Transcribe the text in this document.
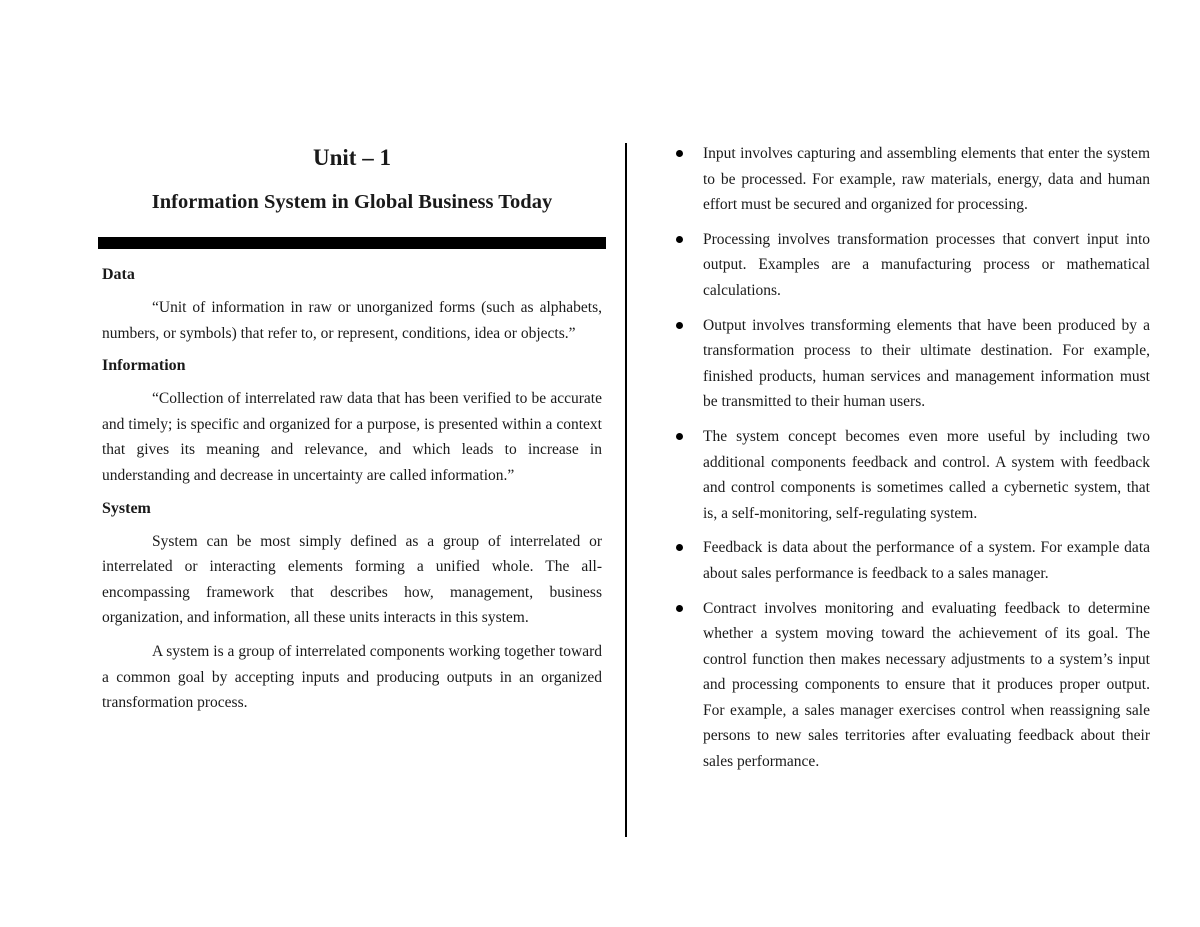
Unit – 1
Information System in Global Business Today
Data

“Unit of information in raw or unorganized forms (such as alphabets, numbers, or symbols) that refer to, or represent, conditions, idea or objects.”

Information

“Collection of interrelated raw data that has been verified to be accurate and timely; is specific and organized for a purpose, is presented within a context that gives its meaning and relevance, and which leads to increase in understanding and decrease in uncertainty are called information.”

System

System can be most simply defined as a group of interrelated or interrelated or interacting elements forming a unified whole. The all-encompassing framework that describes how, management, business organization, and information, all these units interacts in this system.

A system is a group of interrelated components working together toward a common goal by accepting inputs and producing outputs in an organized transformation process.

Input involves capturing and assembling elements that enter the system to be processed. For example, raw materials, energy, data and human effort must be secured and organized for processing.
Processing involves transformation processes that convert input into output. Examples are a manufacturing process or mathematical calculations.
Output involves transforming elements that have been produced by a transformation process to their ultimate destination. For example, finished products, human services and management information must be transmitted to their human users.
The system concept becomes even more useful by including two additional components feedback and control. A system with feedback and control components is sometimes called a cybernetic system, that is, a self-monitoring, self-regulating system.
Feedback is data about the performance of a system. For example data about sales performance is feedback to a sales manager.
Contract involves monitoring and evaluating feedback to determine whether a system moving toward the achievement of its goal. The control function then makes necessary adjustments to a system’s input and processing components to ensure that it produces proper output. For example, a sales manager exercises control when reassigning sale persons to new sales territories after evaluating feedback about their sales performance.
